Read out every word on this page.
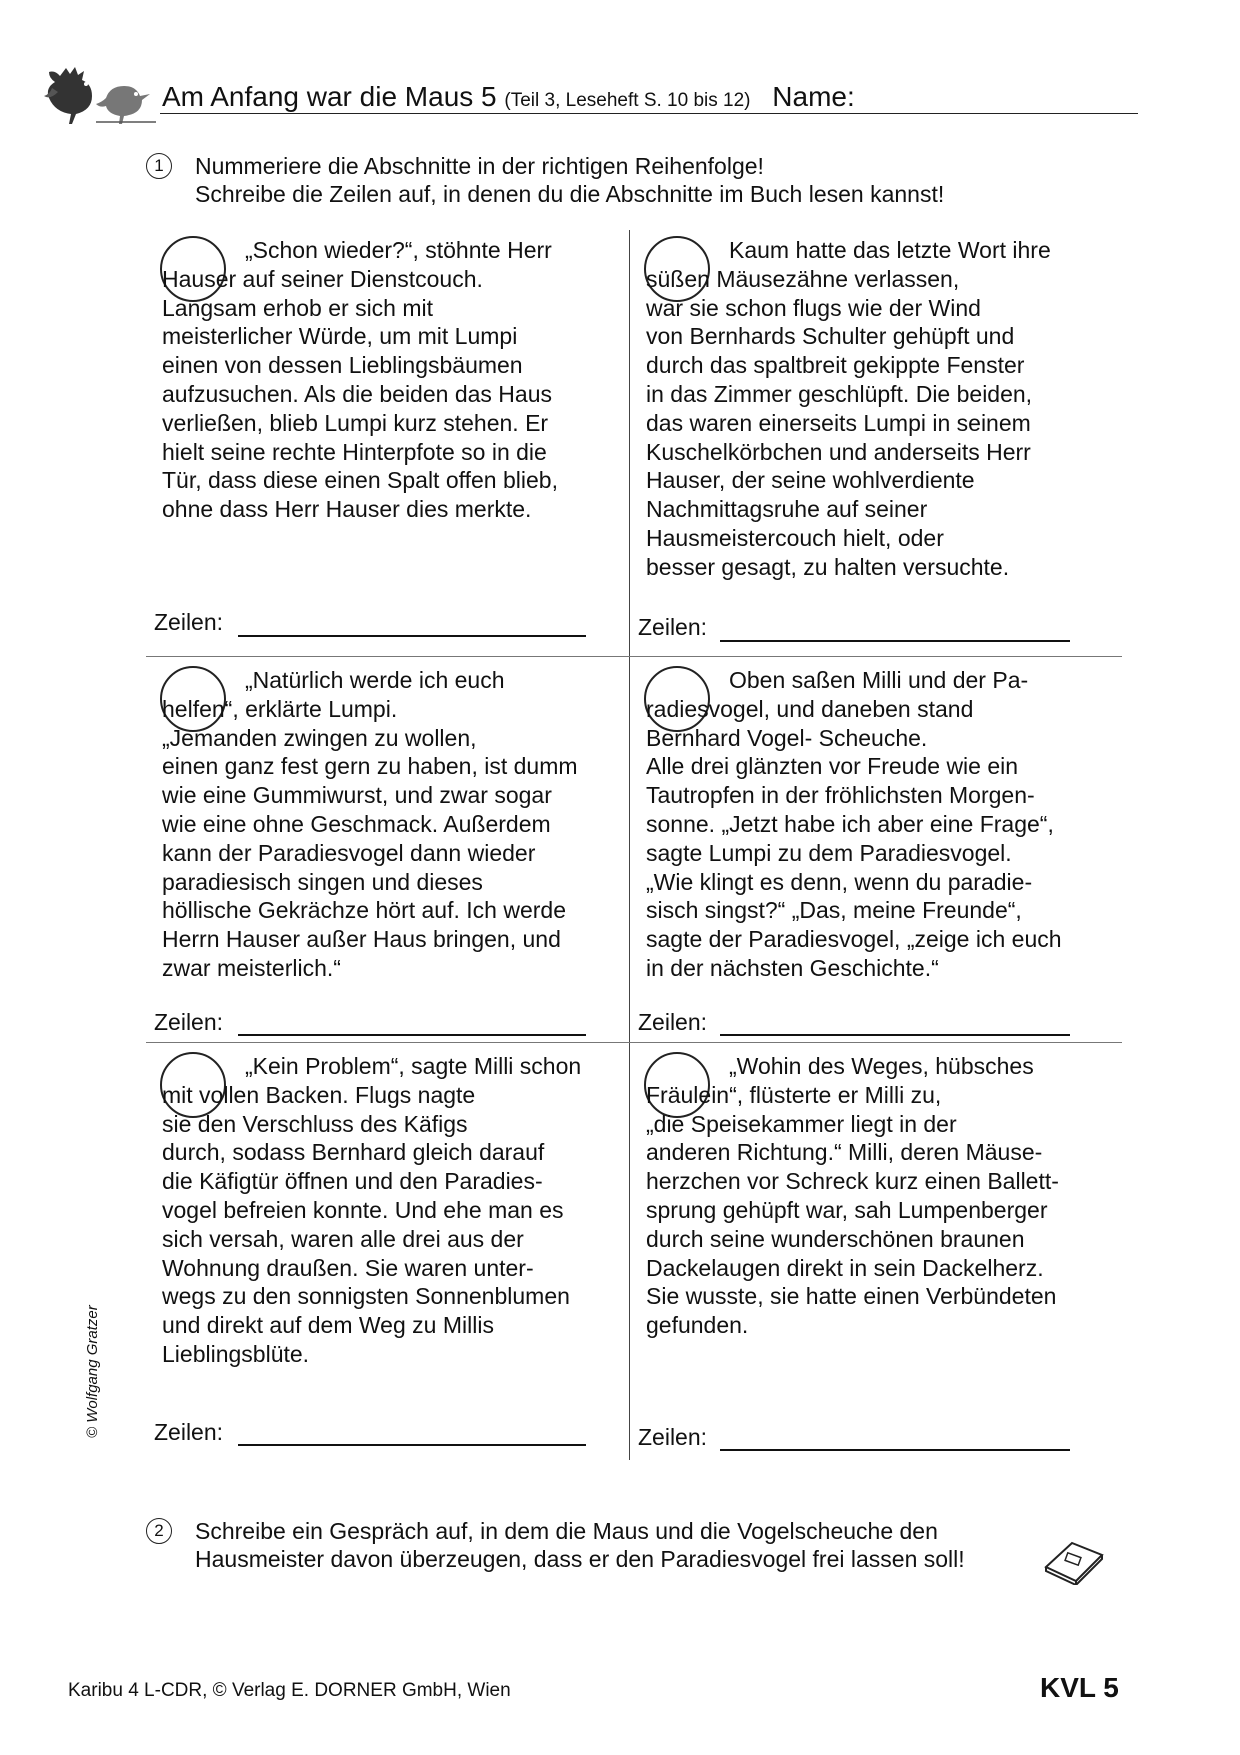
Am Anfang war die Maus 5 (Teil 3, Leseheft S. 10 bis 12) Name:
1	Nummeriere die Abschnitte in der richtigen Reihenfolge!
Schreibe die Zeilen auf, in denen du die Abschnitte im Buch lesen kannst!
„Schon wieder?“, stöhnte Herr
Hauser auf seiner Dienstcouch.
Langsam erhob er sich mit
meisterlicher Würde, um mit Lumpi
einen von dessen Lieblingsbäumen
aufzusuchen. Als die beiden das Haus
verließen, blieb Lumpi kurz stehen. Er
hielt seine rechte Hinterpfote so in die
Tür, dass diese einen Spalt offen blieb,
ohne dass Herr Hauser dies merkte.
Zeilen:
Kaum hatte das letzte Wort ihre
süßen Mäusezähne verlassen,
war sie schon flugs wie der Wind
von Bernhards Schulter gehüpft und
durch das spaltbreit gekippte Fenster
in das Zimmer geschlüpft. Die beiden,
das waren einerseits Lumpi in seinem
Kuschelkörbchen und anderseits Herr
Hauser, der seine wohlverdiente
Nachmittagsruhe auf seiner
Hausmeistercouch hielt, oder
besser gesagt, zu halten versuchte.
Zeilen:
„Natürlich werde ich euch
helfen“, erklärte Lumpi.
„Jemanden zwingen zu wollen,
einen ganz fest gern zu haben, ist dumm
wie eine Gummiwurst, und zwar sogar
wie eine ohne Geschmack. Außerdem
kann der Paradiesvogel dann wieder
paradiesisch singen und dieses
höllische Gekrächze hört auf. Ich werde
Herrn Hauser außer Haus bringen, und
zwar meisterlich.“
Zeilen:
Oben saßen Milli und der Pa-
radiesvogel, und daneben stand
Bernhard Vogel- Scheuche.
Alle drei glänzten vor Freude wie ein
Tautropfen in der fröhlichsten Morgen-
sonne. „Jetzt habe ich aber eine Frage“,
sagte Lumpi zu dem Paradiesvogel.
„Wie klingt es denn, wenn du paradie-
sisch singst?“ „Das, meine Freunde“,
sagte der Paradiesvogel, „zeige ich euch
in der nächsten Geschichte.“
Zeilen:
„Kein Problem“, sagte Milli schon
mit vollen Backen. Flugs nagte
sie den Verschluss des Käfigs
durch, sodass Bernhard gleich darauf
die Käfigtür öffnen und den Paradies-
vogel befreien konnte. Und ehe man es
sich versah, waren alle drei aus der
Wohnung draußen. Sie waren unter-
wegs zu den sonnigsten Sonnenblumen
und direkt auf dem Weg zu Millis
Lieblingsblüte.
Zeilen:
„Wohin des Weges, hübsches
Fräulein“, flüsterte er Milli zu,
„die Speisekammer liegt in der
anderen Richtung.“ Milli, deren Mäuse-
herzchen vor Schreck kurz einen Ballett-
sprung gehüpft war, sah Lumpenberger
durch seine wunderschönen braunen
Dackelaugen direkt in sein Dackelherz.
Sie wusste, sie hatte einen Verbündeten
gefunden.
Zeilen:
© Wolfgang Gratzer
2	Schreibe ein Gespräch auf, in dem die Maus und die Vogelscheuche den
Hausmeister davon überzeugen, dass er den Paradiesvogel frei lassen soll!
Karibu 4 L-CDR, © Verlag E. DORNER GmbH, Wien	KVL 5
